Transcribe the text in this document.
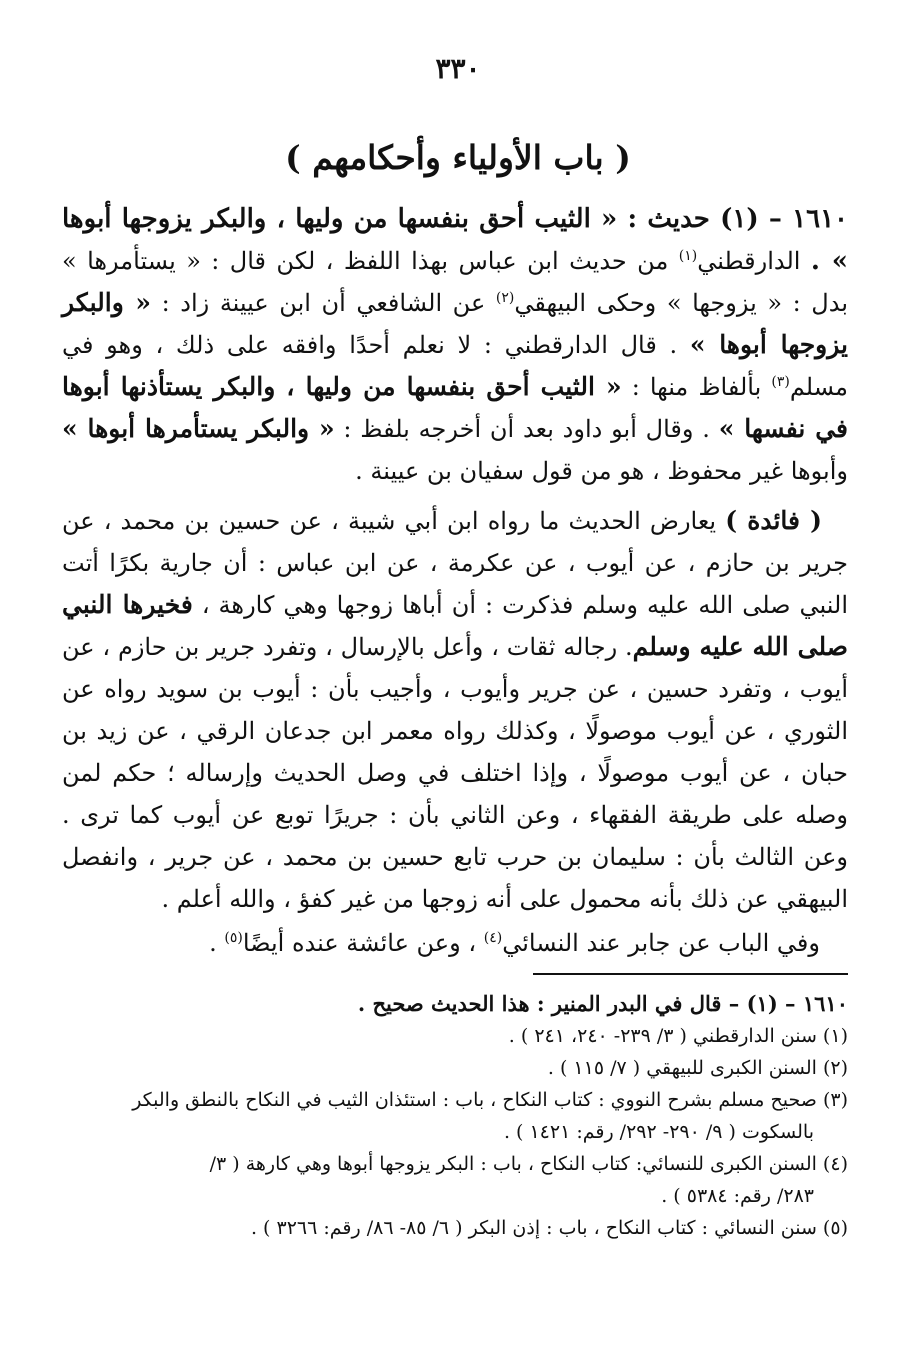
٣٣٠
( باب الأولياء وأحكامهم )
١٦١٠ – (١) حديث : « الثيب أحق بنفسها من وليها ، والبكر يزوجها أبوها » . الدارقطني$^{(١)}$ من حديث ابن عباس بهذا اللفظ ، لكن قال : « يستأمرها » بدل : « يزوجها » وحكى البيهقي$^{(٢)}$ عن الشافعي أن ابن عيينة زاد : « والبكر يزوجها أبوها » . قال الدارقطني : لا نعلم أحدًا وافقه على ذلك ، وهو في مسلم$^{(٣)}$ بألفاظ منها : « الثيب أحق بنفسها من وليها ، والبكر يستأذنها أبوها في نفسها » . وقال أبو داود بعد أن أخرجه بلفظ : « والبكر يستأمرها أبوها » وأبوها غير محفوظ ، هو من قول سفيان بن عيينة .
( فائدة ) يعارض الحديث ما رواه ابن أبي شيبة ، عن حسين بن محمد ، عن جرير بن حازم ، عن أيوب ، عن عكرمة ، عن ابن عباس : أن جارية بكرًا أتت النبي صلى الله عليه وسلم فذكرت : أن أباها زوجها وهي كارهة ، فخيرها النبي صلى الله عليه وسلم. رجاله ثقات ، وأعل بالإرسال ، وتفرد جرير بن حازم ، عن أيوب ، وتفرد حسين ، عن جرير وأيوب ، وأجيب بأن : أيوب بن سويد رواه عن الثوري ، عن أيوب موصولًا ، وكذلك رواه معمر ابن جدعان الرقي ، عن زيد بن حبان ، عن أيوب موصولًا ، وإذا اختلف في وصل الحديث وإرساله ؛ حكم لمن وصله على طريقة الفقهاء ، وعن الثاني بأن : جريرًا توبع عن أيوب كما ترى . وعن الثالث بأن : سليمان بن حرب تابع حسين بن محمد ، عن جرير ، وانفصل البيهقي عن ذلك بأنه محمول على أنه زوجها من غير كفؤ ، والله أعلم .
وفي الباب عن جابر عند النسائي$^{(٤)}$ ، وعن عائشة عنده أيضًا$^{(٥)}$ .
١٦١٠ – (١) – قال في البدر المنير : هذا الحديث صحيح .
(١) سنن الدارقطني ( ٣/ ٢٣٩- ٢٤٠، ٢٤١ ) .
(٢) السنن الكبرى للبيهقي ( ٧/ ١١٥ ) .
(٣) صحيح مسلم بشرح النووي : كتاب النكاح ، باب : استئذان الثيب في النكاح بالنطق والبكر
بالسكوت ( ٩/ ٢٩٠- ٢٩٢/ رقم: ١٤٢١ ) .
(٤) السنن الكبرى للنسائي: كتاب النكاح ، باب : البكر يزوجها أبوها وهي كارهة ( ٣/
٢٨٣/ رقم: ٥٣٨٤ ) .
(٥) سنن النسائي : كتاب النكاح ، باب : إذن البكر ( ٦/ ٨٥- ٨٦/ رقم: ٣٢٦٦ ) .
